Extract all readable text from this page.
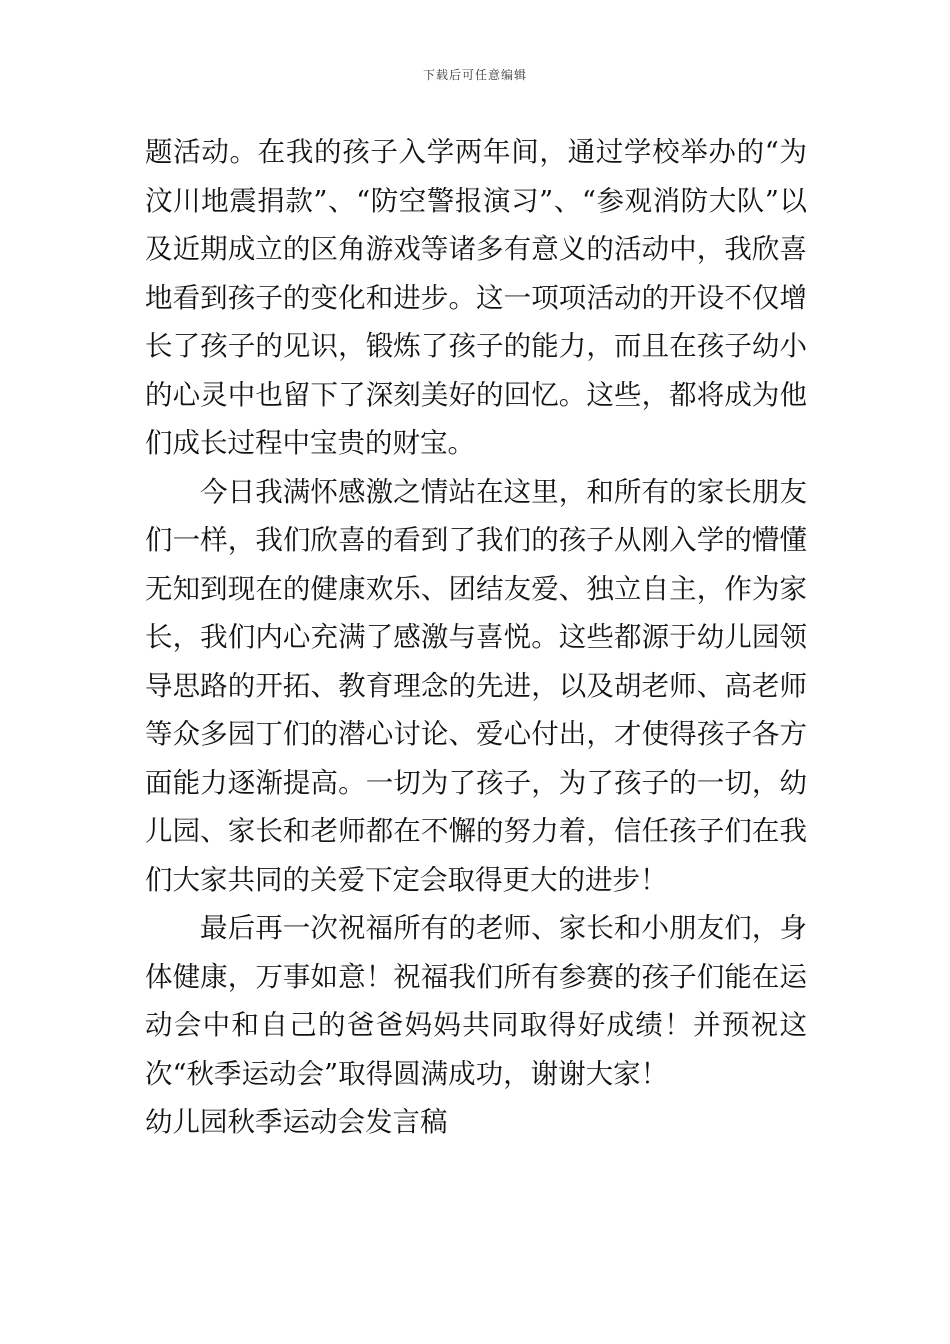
下载后可任意编辑

题活动。在我的孩子入学两年间，通过学校举办的“为汶川地震捐款”、“防空警报演习”、“参观消防大队”以及近期成立的区角游戏等诸多有意义的活动中，我欣喜地看到孩子的变化和进步。这一项项活动的开设不仅增长了孩子的见识，锻炼了孩子的能力，而且在孩子幼小的心灵中也留下了深刻美好的回忆。这些，都将成为他们成长过程中宝贵的财宝。

今日我满怀感激之情站在这里，和所有的家长朋友们一样，我们欣喜的看到了我们的孩子从刚入学的懵懂无知到现在的健康欢乐、团结友爱、独立自主，作为家长，我们内心充满了感激与喜悦。这些都源于幼儿园领导思路的开拓、教育理念的先进，以及胡老师、高老师等众多园丁们的潜心讨论、爱心付出，才使得孩子各方面能力逐渐提高。一切为了孩子，为了孩子的一切，幼儿园、家长和老师都在不懈的努力着，信任孩子们在我们大家共同的关爱下定会取得更大的进步！

最后再一次祝福所有的老师、家长和小朋友们，身体健康，万事如意！祝福我们所有参赛的孩子们能在运动会中和自己的爸爸妈妈共同取得好成绩！并预祝这次“秋季运动会”取得圆满成功，谢谢大家！

幼儿园秋季运动会发言稿
